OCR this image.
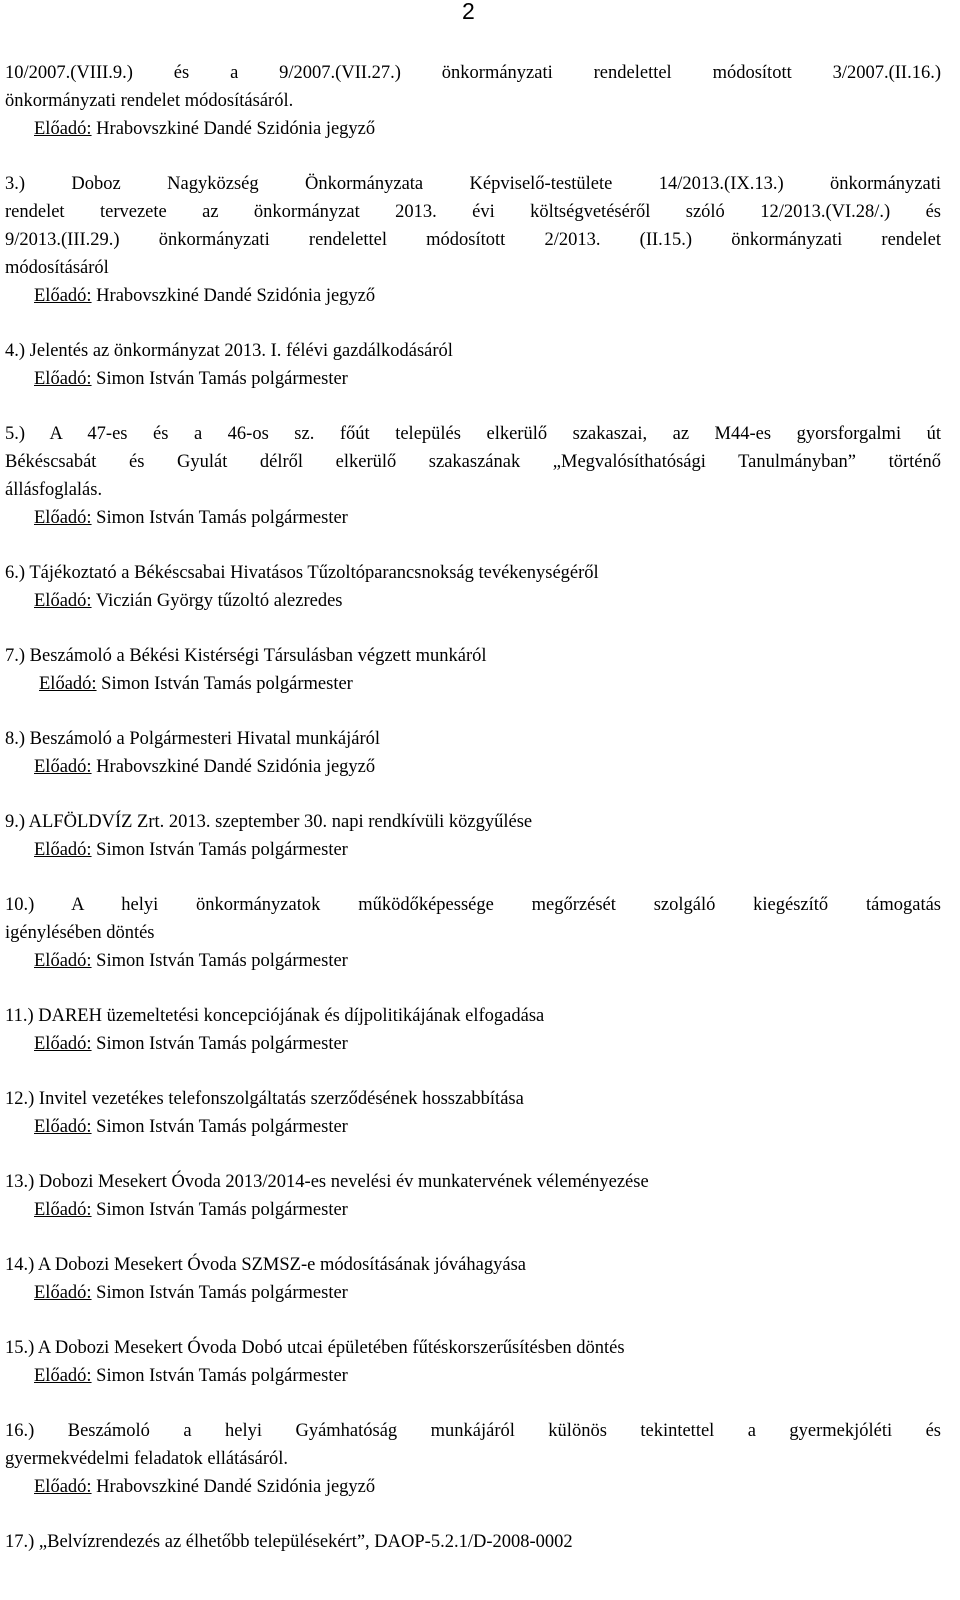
2
10/2007.(VIII.9.) és a 9/2007.(VII.27.) önkormányzati rendelettel módosított 3/2007.(II.16.)
önkormányzati rendelet módosításáról.
Előadó: Hrabovszkiné Dandé Szidónia jegyző
3.) Doboz Nagyközség Önkormányzata Képviselő-testülete 14/2013.(IX.13.) önkormányzati
rendelet tervezete az önkormányzat 2013. évi költségvetéséről szóló 12/2013.(VI.28/.) és
9/2013.(III.29.) önkormányzati rendelettel módosított 2/2013. (II.15.) önkormányzati rendelet
módosításáról
Előadó: Hrabovszkiné Dandé Szidónia jegyző
4.) Jelentés az önkormányzat 2013. I. félévi gazdálkodásáról
Előadó: Simon István Tamás polgármester
5.) A 47-es és a 46-os sz. főút település elkerülő szakaszai, az M44-es gyorsforgalmi út
Békéscsabát és Gyulát délről elkerülő szakaszának „Megvalósíthatósági Tanulmányban” történő
állásfoglalás.
Előadó: Simon István Tamás polgármester
6.) Tájékoztató a Békéscsabai Hivatásos Tűzoltóparancsnokság tevékenységéről
Előadó: Viczián György tűzoltó alezredes
7.) Beszámoló a Békési Kistérségi Társulásban végzett munkáról
Előadó: Simon István Tamás polgármester
8.) Beszámoló a Polgármesteri Hivatal munkájáról
Előadó: Hrabovszkiné Dandé Szidónia jegyző
9.) ALFÖLDVÍZ Zrt. 2013. szeptember 30. napi rendkívüli közgyűlése
Előadó: Simon István Tamás polgármester
10.) A helyi önkormányzatok működőképessége megőrzését szolgáló kiegészítő támogatás
igénylésében döntés
Előadó: Simon István Tamás polgármester
11.) DAREH üzemeltetési koncepciójának és díjpolitikájának elfogadása
Előadó: Simon István Tamás polgármester
12.) Invitel vezetékes telefonszolgáltatás szerződésének hosszabbítása
Előadó: Simon István Tamás polgármester
13.) Dobozi Mesekert Óvoda 2013/2014-es nevelési év munkatervének véleményezése
Előadó: Simon István Tamás polgármester
14.) A Dobozi Mesekert Óvoda SZMSZ-e módosításának jóváhagyása
Előadó: Simon István Tamás polgármester
15.) A Dobozi Mesekert Óvoda Dobó utcai épületében fűtéskorszerűsítésben döntés
Előadó: Simon István Tamás polgármester
16.) Beszámoló a helyi Gyámhatóság munkájáról különös tekintettel a gyermekjóléti és
gyermekvédelmi feladatok ellátásáról.
Előadó: Hrabovszkiné Dandé Szidónia jegyző
17.) „Belvízrendezés az élhetőbb településekért”, DAOP-5.2.1/D-2008-0002
